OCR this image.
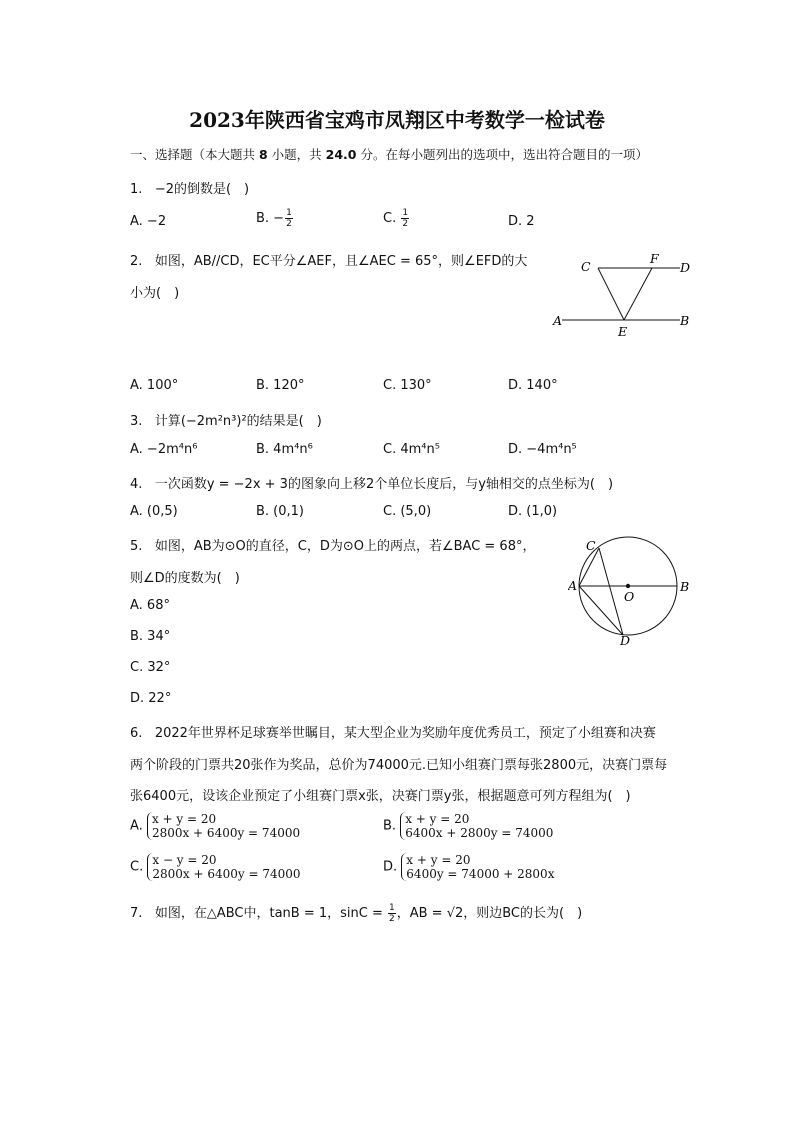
2023年陕西省宝鸡市凤翔区中考数学一检试卷
一、选择题（本大题共 8 小题，共 24.0 分。在每小题列出的选项中，选出符合题目的一项）
1. −2的倒数是(　)
A. −2	B. − $\frac{1}{2}$	C. $\frac{1}{2}$	D. 2
2. 如图，AB//CD，EC平分∠AEF，且∠AEC = 65°，则∠EFD的大
小为(　)
C
F
D
A
E
B
A. 100°	B. 120°	C. 130°	D. 140°
3. 计算(−2m²n³)²的结果是(　)
A. −2m⁴n⁶	B. 4m⁴n⁶	C. 4m⁴n⁵	D. −4m⁴n⁵
4. 一次函数y = −2x + 3的图象向上移2个单位长度后，与y轴相交的点坐标为(　)
A. (0,5)	B. (0,1)	C. (5,0)	D. (1,0)
5. 如图，AB为⊙O的直径，C，D为⊙O上的两点，若∠BAC = 68°，
则∠D的度数为(　)
C
A
O
B
D
A. 68°
B. 34°
C. 32°
D. 22°
6. 2022年世界杯足球赛举世瞩目，某大型企业为奖励年度优秀员工，预定了小组赛和决赛
两个阶段的门票共20张作为奖品，总价为74000元.已知小组赛门票每张2800元，决赛门票每
张6400元，设该企业预定了小组赛门票x张，决赛门票y张，根据题意可列方程组为(　)
A. x + y = 20
2800x + 6400y = 74000	B. x + y = 20
6400x + 2800y = 74000
C. x − y = 20
2800x + 6400y = 74000	D. x + y = 20
6400y = 74000 + 2800x
7. 如图，在△ABC中，tanB = 1，$\sin C = \frac{1}{2}$ ，AB = √2，则边BC的长为(　)
